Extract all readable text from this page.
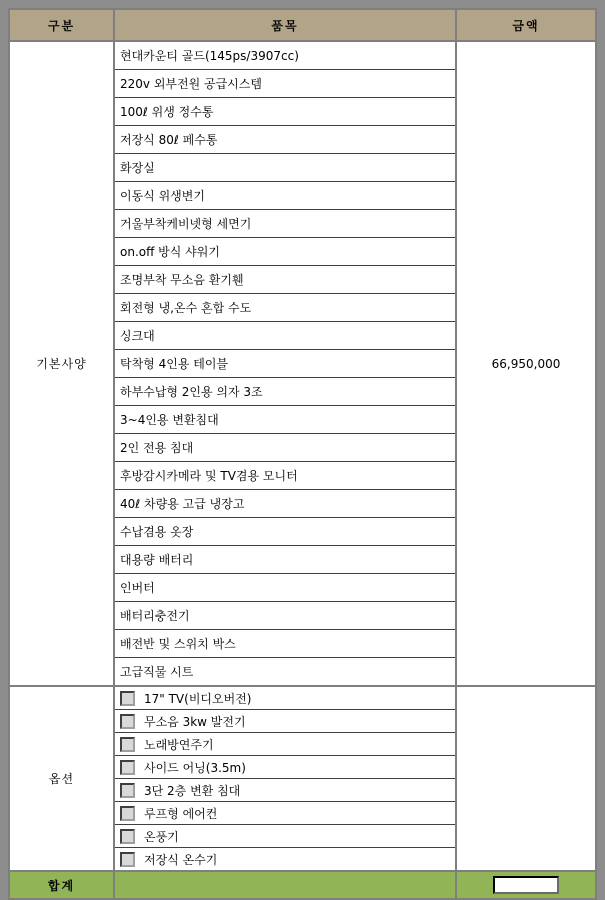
구분	품목	금액
기본사양	현대카운티 골드(145ps/3907cc)	66,950,000
	220v 외부전원 공급시스템	
	100ℓ 위생 정수통	
	저장식 80ℓ 페수통	
	화장실	
	이동식 위생변기	
	거울부착케비넷형 세면기	
	on.off 방식 샤워기	
	조명부착 무소음 환기휀	
	회전형 냉,온수 혼합 수도	
	싱크대	
	탁착형 4인용 테이블	
	하부수납형 2인용 의자 3조	
	3~4인용 변환침대	
	2인 전용 침대	
	후방감시카메라 및 TV겸용 모니터	
	40ℓ 차량용 고급 냉장고	
	수납겸용 옷장	
	대용량 배터리	
	인버터	
	배터리충전기	
	배전반 및 스위치 박스	
	고급직물 시트	
옵션	17" TV(비디오버전)	
	무소음 3kw 발전기	
	노래방연주기	
	사이드 어닝(3.5m)	
	3단 2층 변환 침대	
	루프형 에어컨	
	온풍기	
	저장식 온수기	
합계		
